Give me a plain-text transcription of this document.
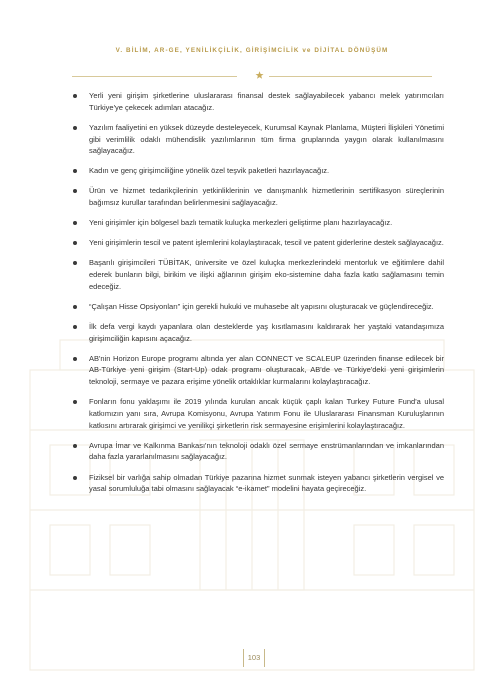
V. BİLİM, AR-GE, YENİLİKÇİLİK, GİRİŞİMCİLİK ve DİJİTAL DÖNÜŞÜM
Yerli yeni girişim şirketlerine uluslararası finansal destek sağlayabilecek yabancı melek yatırımcıları Türkiye'ye çekecek adımları atacağız.
Yazılım faaliyetini en yüksek düzeyde desteleyecek, Kurumsal Kaynak Planlama, Müşteri İlişkileri Yönetimi gibi verimlilik odaklı mühendislik yazılımlarının tüm firma gruplarında yaygın olarak kullanılmasını sağlayacağız.
Kadın ve genç girişimciliğine yönelik özel teşvik paketleri hazırlayacağız.
Ürün ve hizmet tedarikçilerinin yetkinliklerinin ve danışmanlık hizmetlerinin sertifikasyon süreçlerinin bağımsız kurullar tarafından belirlenmesini sağlayacağız.
Yeni girişimler için bölgesel bazlı tematik kuluçka merkezleri geliştirme planı hazırlayacağız.
Yeni girişimlerin tescil ve patent işlemlerini kolaylaştıracak, tescil ve patent giderlerine destek sağlayacağız.
Başarılı girişimcileri TÜBİTAK, üniversite ve özel kuluçka merkezlerindeki mentorluk ve eğitimlere dahil ederek bunların bilgi, birikim ve ilişki ağlarının girişim eko-sistemine daha fazla katkı sağlamasını temin edeceğiz.
“Çalışan Hisse Opsiyonları” için gerekli hukuki ve muhasebe alt yapısını oluşturacak ve güçlendireceğiz.
İlk defa vergi kaydı yapanlara olan desteklerde yaş kısıtlamasını kaldırarak her yaştaki vatandaşımıza girişimciliğin kapısını açacağız.
AB'nin Horizon Europe programı altında yer alan CONNECT ve SCALEUP üzerinden finanse edilecek bir AB-Türkiye yeni girişim (Start-Up) odak programı oluşturacak, AB'de ve Türkiye'deki yeni girişimlerin teknoloji, sermaye ve pazara erişime yönelik ortaklıklar kurmalarını kolaylaştıracağız.
Fonların fonu yaklaşımı ile 2019 yılında kurulan ancak küçük çaplı kalan Turkey Future Fund'a ulusal katkımızın yanı sıra, Avrupa Komisyonu, Avrupa Yatırım Fonu ile Uluslararası Finansman Kuruluşlarının katkısını artırarak girişimci ve yenilikçi şirketlerin risk sermayesine erişimlerini kolaylaştıracağız.
Avrupa İmar ve Kalkınma Bankası'nın teknoloji odaklı özel sermaye enstrümanlarından ve imkanlarından daha fazla yararlanılmasını sağlayacağız.
Fiziksel bir varlığa sahip olmadan Türkiye pazarına hizmet sunmak isteyen yabancı şirketlerin vergisel ve yasal sorumluluğa tabi olmasını sağlayacak “e-ikamet” modelini hayata geçireceğiz.
103
